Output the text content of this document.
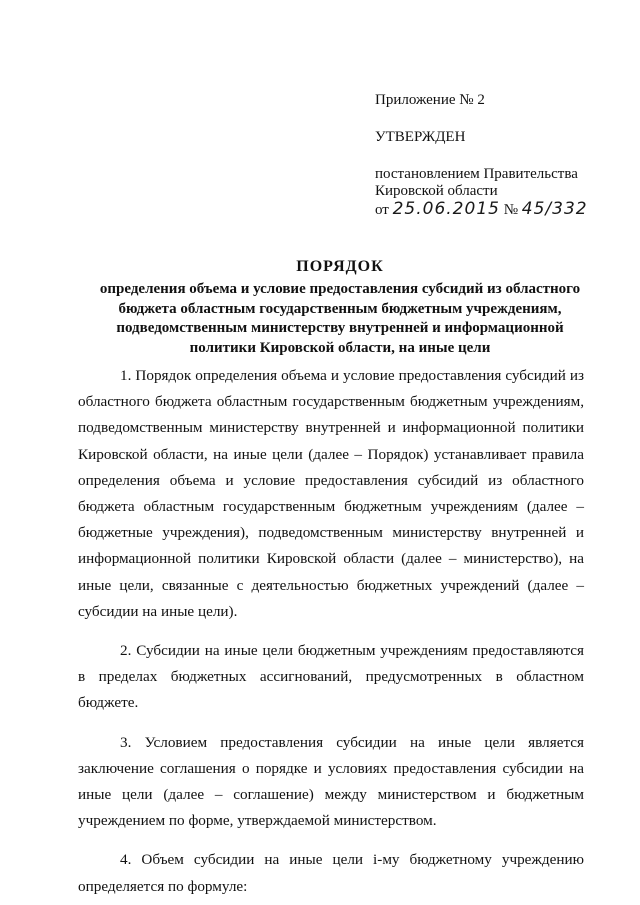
Приложение № 2
УТВЕРЖДЕН
постановлением Правительства
Кировской области
от 25.06.2015 № 45/332
ПОРЯДОК
определения объема и условие предоставления субсидий из областного
бюджета областным государственным бюджетным учреждениям,
подведомственным министерству внутренней и информационной
политики Кировской области, на иные цели

1. Порядок определения объема и условие предоставления субсидий из областного бюджета областным государственным бюджетным учреждениям, подведомственным министерству внутренней и информационной политики Кировской области, на иные цели (далее – Порядок) устанавливает правила определения объема и условие предоставления субсидий из областного бюджета областным государственным бюджетным учреждениям (далее – бюджетные учреждения), подведомственным министерству внутренней и информационной политики Кировской области (далее – министерство), на иные цели, связанные с деятельностью бюджетных учреждений (далее – субсидии на иные цели).

2. Субсидии на иные цели бюджетным учреждениям предоставляются в пределах бюджетных ассигнований, предусмотренных в областном бюджете.

3. Условием предоставления субсидии на иные цели является заключение соглашения о порядке и условиях предоставления субсидии на иные цели (далее – соглашение) между министерством и бюджетным учреждением по форме, утверждаемой министерством.

4. Объем субсидии на иные цели i-му бюджетному учреждению определяется по формуле:
